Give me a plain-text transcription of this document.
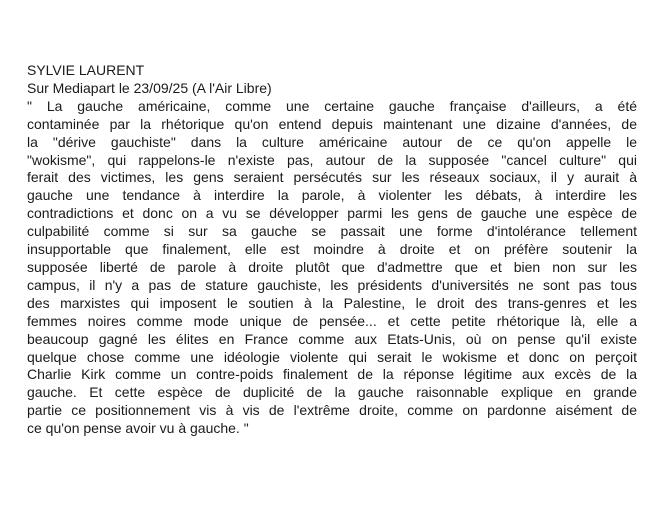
SYLVIE LAURENT
Sur Mediapart le 23/09/25 (A l'Air Libre)
" La gauche américaine, comme une certaine gauche française d'ailleurs, a été
contaminée par la rhétorique qu'on entend depuis maintenant une dizaine d'années, de
la "dérive gauchiste" dans la culture américaine autour de ce qu'on appelle le
"wokisme", qui rappelons-le n'existe pas, autour de la supposée "cancel culture" qui
ferait des victimes, les gens seraient persécutés sur les réseaux sociaux, il y aurait à
gauche une tendance à interdire la parole, à violenter les débats, à interdire les
contradictions et donc on a vu se développer parmi les gens de gauche une espèce de
culpabilité comme si sur sa gauche se passait une forme d'intolérance tellement
insupportable que finalement, elle est moindre à droite et on préfère soutenir la
supposée liberté de parole à droite plutôt que d'admettre que et bien non sur les
campus, il n'y a pas de stature gauchiste, les présidents d'universités ne sont pas tous
des marxistes qui imposent le soutien à la Palestine, le droit des trans-genres et les
femmes noires comme mode unique de pensée... et cette petite rhétorique là, elle a
beaucoup gagné les élites en France comme aux Etats-Unis, où on pense qu'il existe
quelque chose comme une idéologie violente qui serait le wokisme et donc on perçoit
Charlie Kirk comme un contre-poids finalement de la réponse légitime aux excès de la
gauche. Et cette espèce de duplicité de la gauche raisonnable explique en grande
partie ce positionnement vis à vis de l'extrême droite, comme on pardonne aisément de
ce qu'on pense avoir vu à gauche. "
